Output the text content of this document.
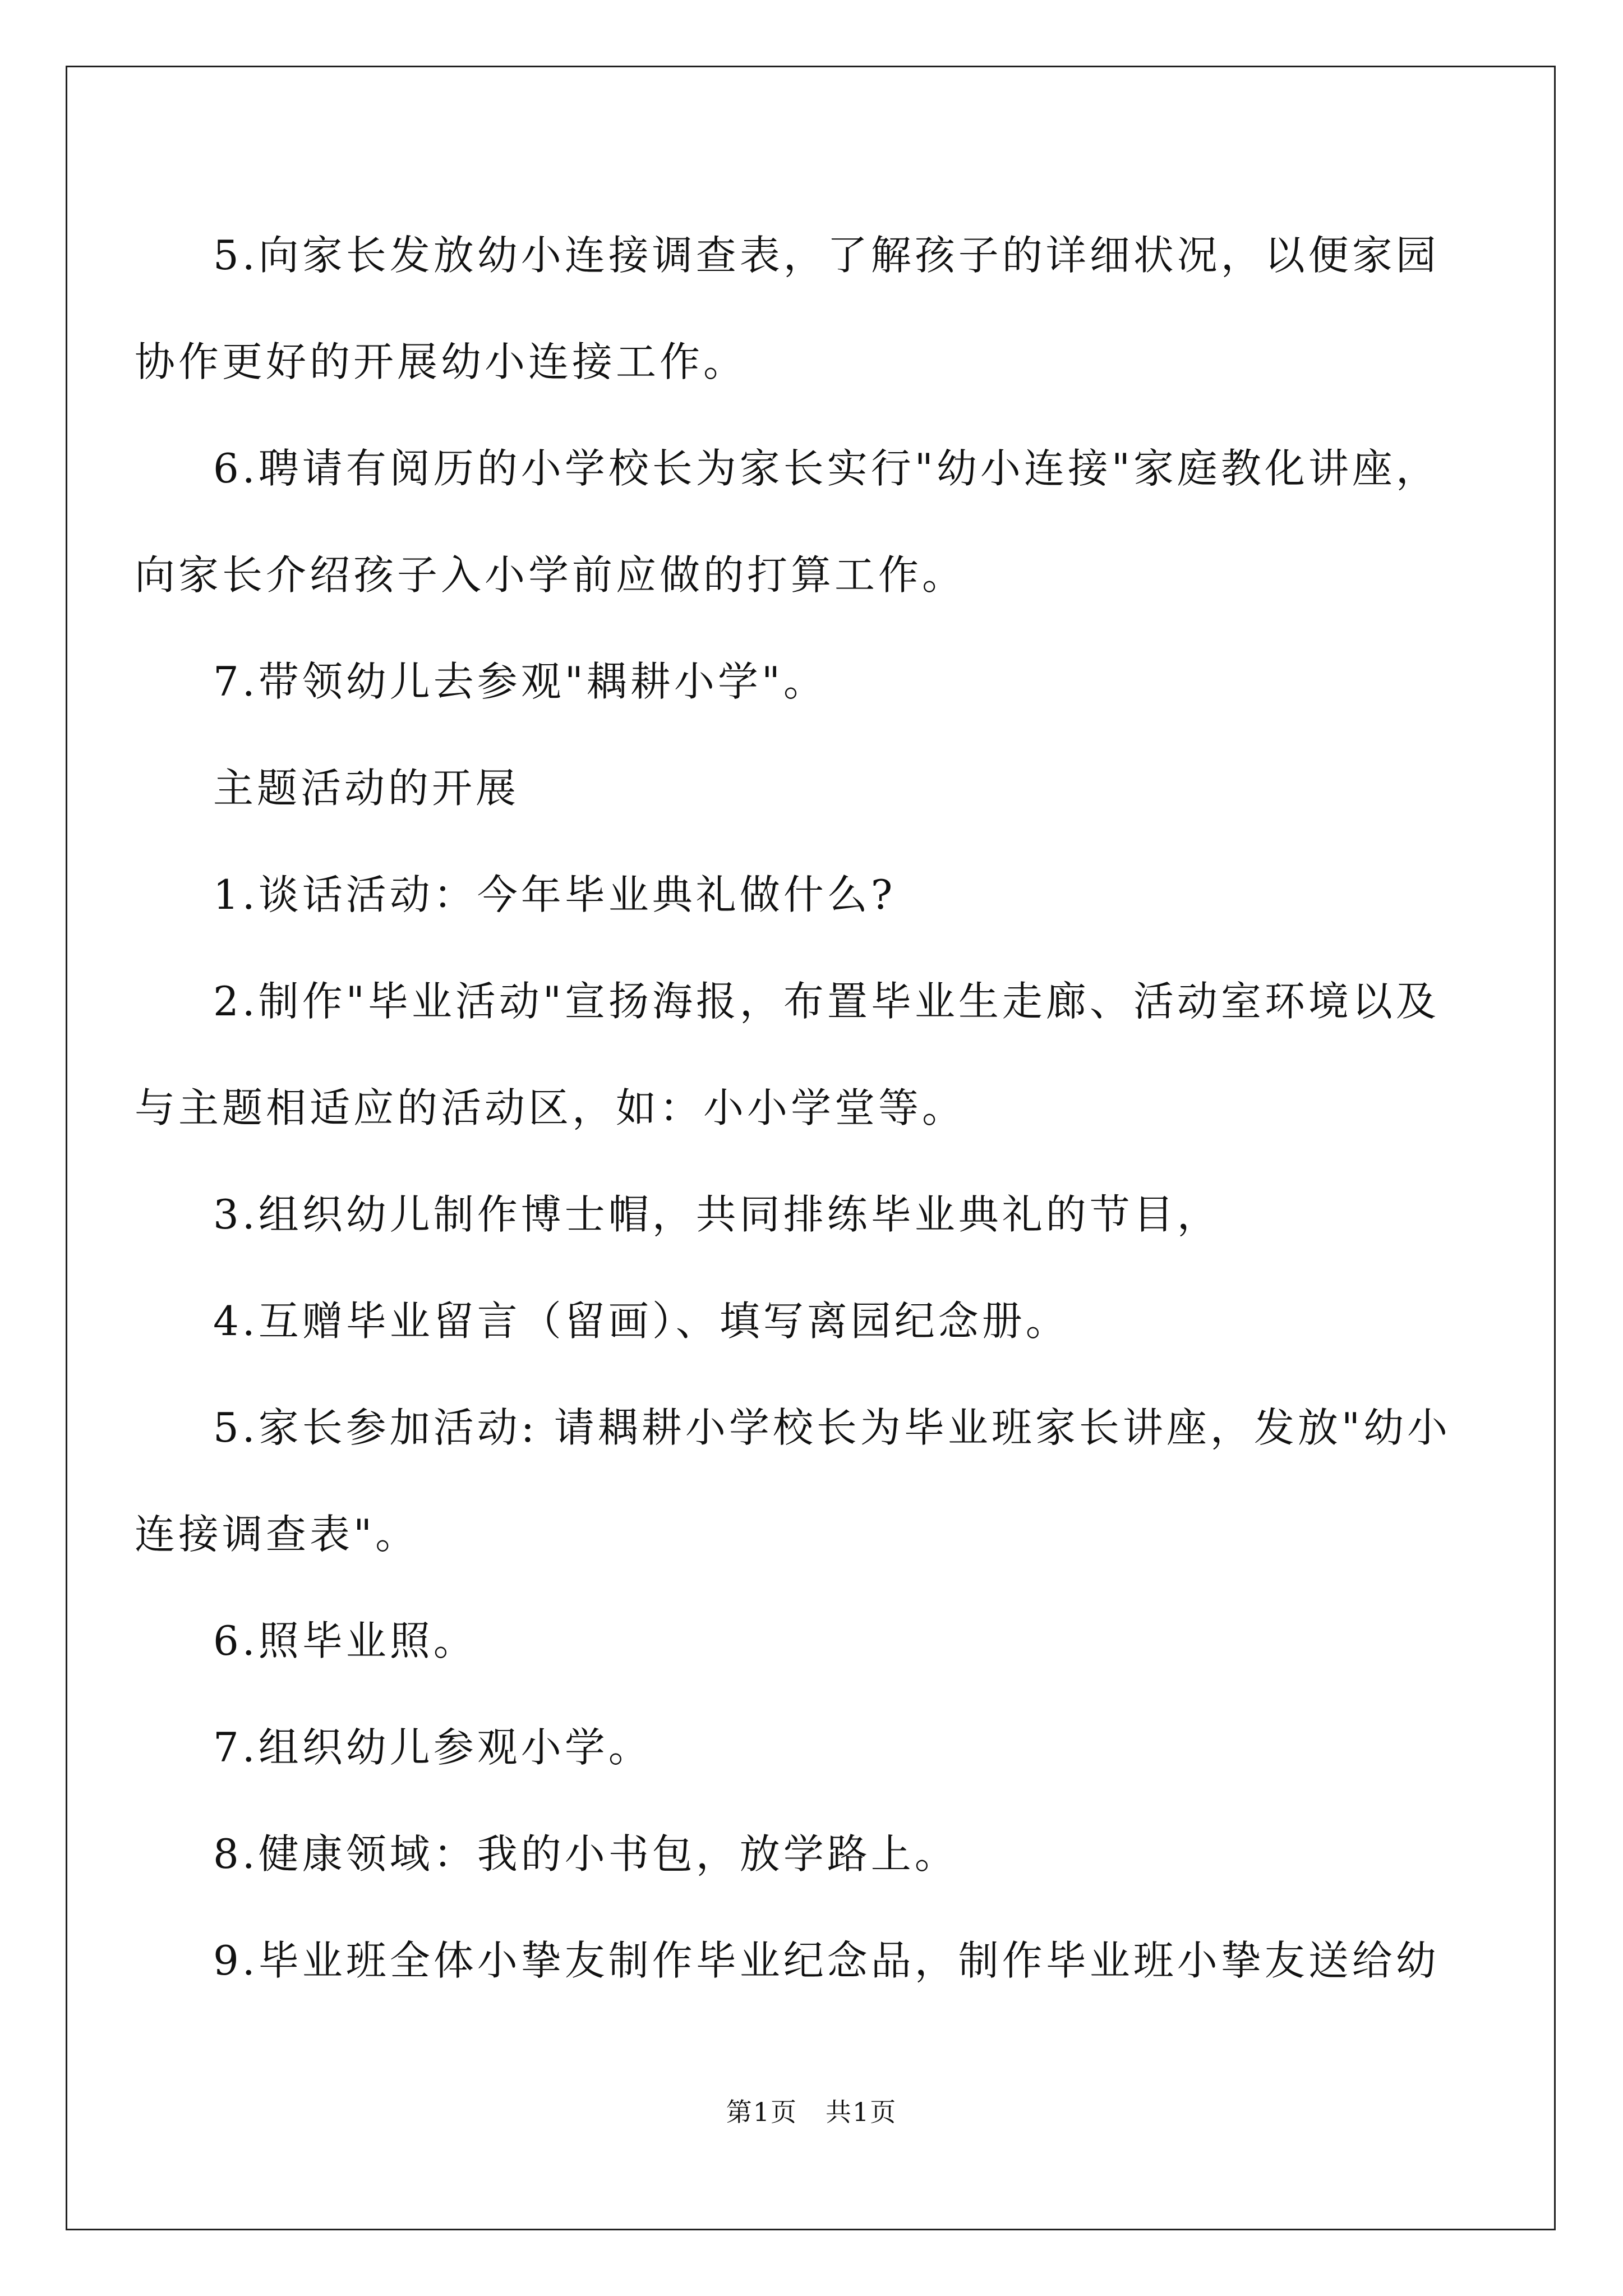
5.向家长发放幼小连接调查表，了解孩子的详细状况，以便家园

协作更好的开展幼小连接工作。

6.聘请有阅历的小学校长为家长实行"幼小连接"家庭教化讲座，

向家长介绍孩子入小学前应做的打算工作。

7.带领幼儿去参观"耦耕小学"。

主题活动的开展

1.谈话活动：今年毕业典礼做什么?

2.制作"毕业活动"宣扬海报，布置毕业生走廊、活动室环境以及

与主题相适应的活动区，如：小小学堂等。

3.组织幼儿制作博士帽，共同排练毕业典礼的节目，

4.互赠毕业留言（留画）、填写离园纪念册。

5.家长参加活动: 请耦耕小学校长为毕业班家长讲座，发放"幼小

连接调查表"。

6.照毕业照。

7.组织幼儿参观小学。

8.健康领域：我的小书包，放学路上。

9.毕业班全体小挚友制作毕业纪念品，制作毕业班小挚友送给幼

第1页 共1页
